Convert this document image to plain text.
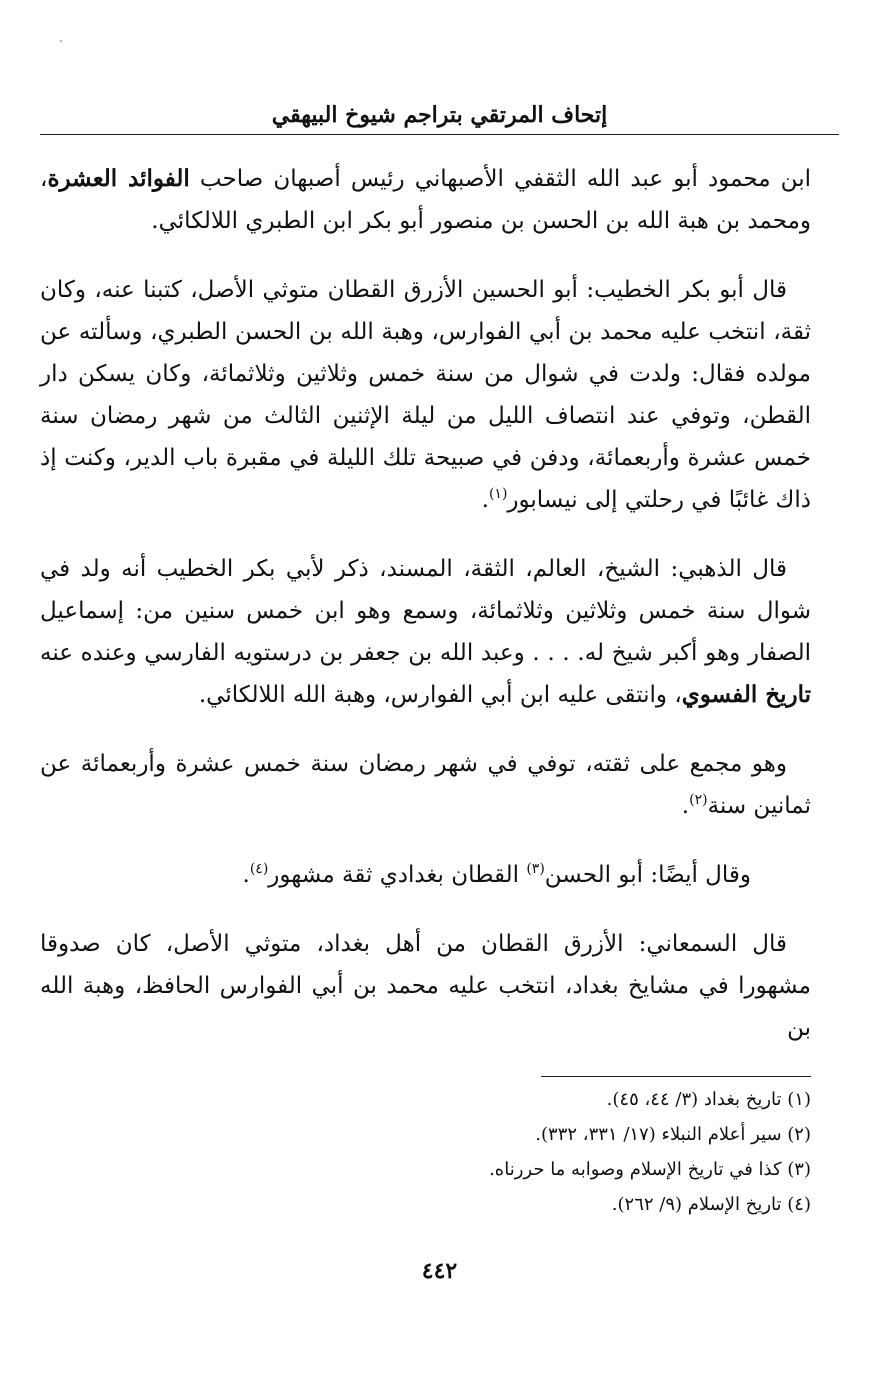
إتحاف المرتقي بتراجم شيوخ البيهقي

ابن محمود أبو عبد الله الثقفي الأصبهاني رئيس أصبهان صاحب الفوائد العشرة، ومحمد بن هبة الله بن الحسن بن منصور أبو بكر ابن الطبري اللالكائي.

قال أبو بكر الخطيب: أبو الحسين الأزرق القطان متوثي الأصل، كتبنا عنه، وكان ثقة، انتخب عليه محمد بن أبي الفوارس، وهبة الله بن الحسن الطبري، وسألته عن مولده فقال: ولدت في شوال من سنة خمس وثلاثين وثلاثمائة، وكان يسكن دار القطن، وتوفي عند انتصاف الليل من ليلة الإثنين الثالث من شهر رمضان سنة خمس عشرة وأربعمائة، ودفن في صبيحة تلك الليلة في مقبرة باب الدير، وكنت إذ ذاك غائبًا في رحلتي إلى نيسابور$^{(١)}$.

قال الذهبي: الشيخ، العالم، الثقة، المسند، ذكر لأبي بكر الخطيب أنه ولد في شوال سنة خمس وثلاثين وثلاثمائة، وسمع وهو ابن خمس سنين من: إسماعيل الصفار وهو أكبر شيخ له. . . . وعبد الله بن جعفر بن درستويه الفارسي وعنده عنه تاريخ الفسوي، وانتقى عليه ابن أبي الفوارس، وهبة الله اللالكائي.

وهو مجمع على ثقته، توفي في شهر رمضان سنة خمس عشرة وأربعمائة عن ثمانين سنة$^{(٢)}$.

وقال أيضًا: أبو الحسن$^{(٣)}$ القطان بغدادي ثقة مشهور$^{(٤)}$.

قال السمعاني: الأزرق القطان من أهل بغداد، متوثي الأصل، كان صدوقا مشهورا في مشايخ بغداد، انتخب عليه محمد بن أبي الفوارس الحافظ، وهبة الله بن

(١) تاريخ بغداد (٣/ ٤٤، ٤٥).
(٢) سير أعلام النبلاء (١٧/ ٣٣١، ٣٣٢).
(٣) كذا في تاريخ الإسلام وصوابه ما حررناه.
(٤) تاريخ الإسلام (٩/ ٢٦٢).
٤٤٢
